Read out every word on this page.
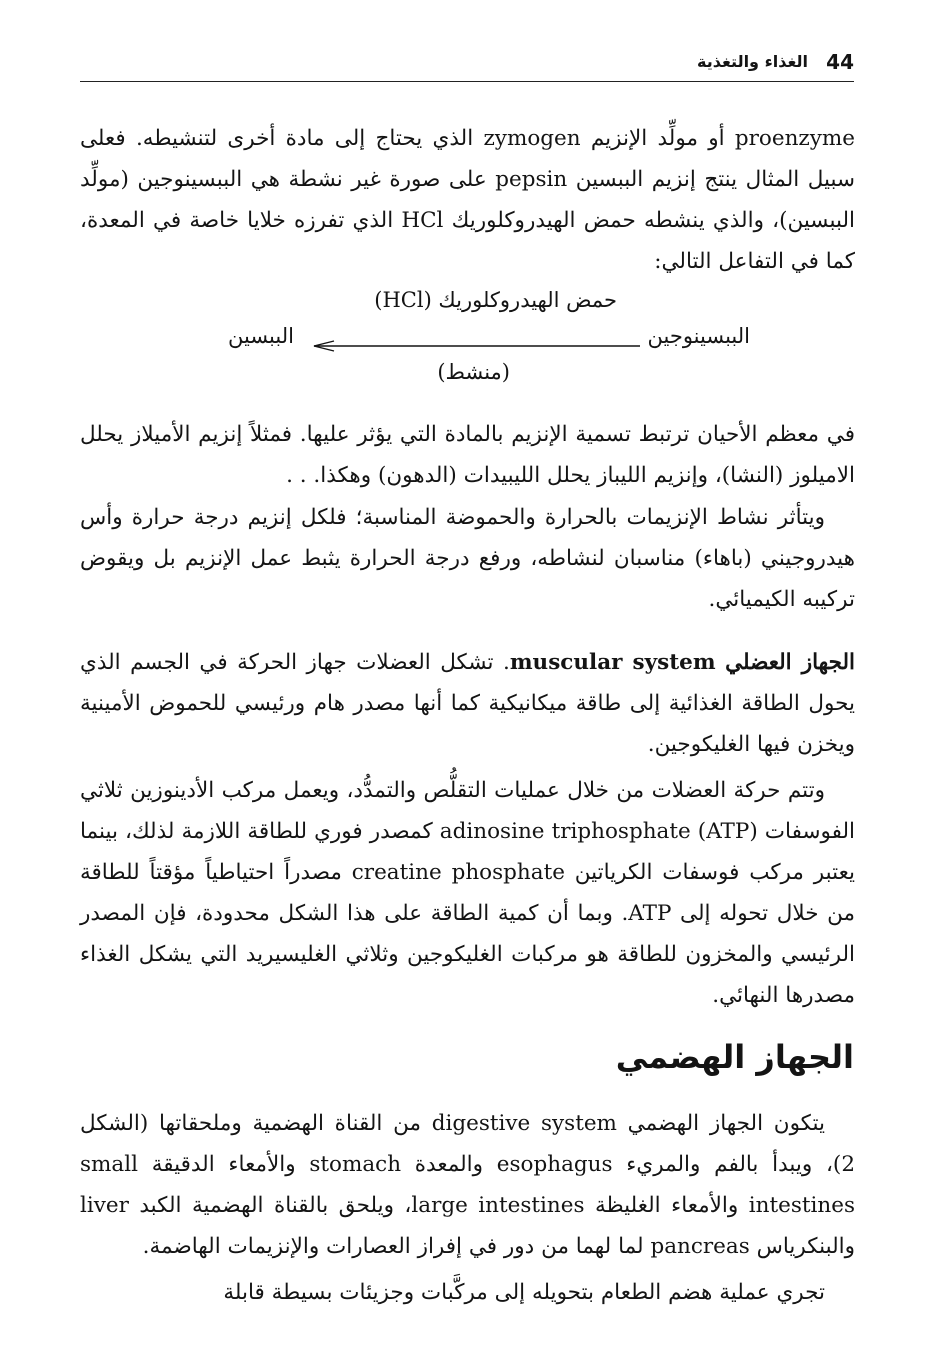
44
الغذاء والتغذية

proenzyme أو مولِّد الإنزيم zymogen الذي يحتاج إلى مادة أخرى لتنشيطه. فعلى سبيل المثال ينتج إنزيم الببسين pepsin على صورة غير نشطة هي الببسينوجين (مولِّد الببسين)، والذي ينشطه حمض الهيدروكلوريك HCl الذي تفرزه خلايا خاصة في المعدة، كما في التفاعل التالي:

حمض الهيدروكلوريك (HCl)
الببسينوجين
الببسين
(منشط)

في معظم الأحيان ترتبط تسمية الإنزيم بالمادة التي يؤثر عليها. فمثلاً إنزيم الأميلاز يحلل الاميلوز (النشا)، وإنزيم الليباز يحلل الليبيدات (الدهون) وهكذا. . .

ويتأثر نشاط الإنزيمات بالحرارة والحموضة المناسبة؛ فلكل إنزيم درجة حرارة وأس هيدروجيني (باهاء) مناسبان لنشاطه، ورفع درجة الحرارة يثبط عمل الإنزيم بل ويقوض تركيبه الكيميائي.

الجهاز العضلي muscular system. تشكل العضلات جهاز الحركة في الجسم الذي يحول الطاقة الغذائية إلى طاقة ميكانيكية كما أنها مصدر هام ورئيسي للحموض الأمينية ويخزن فيها الغليكوجين.

وتتم حركة العضلات من خلال عمليات التقلُّص والتمدُّد، ويعمل مركب الأدينوزين ثلاثي الفوسفات adinosine triphosphate (ATP) كمصدر فوري للطاقة اللازمة لذلك، بينما يعتبر مركب فوسفات الكرياتين creatine phosphate مصدراً احتياطياً مؤقتاً للطاقة من خلال تحوله إلى ATP. وبما أن كمية الطاقة على هذا الشكل محدودة، فإن المصدر الرئيسي والمخزون للطاقة هو مركبات الغليكوجين وثلاثي الغليسيريد التي يشكل الغذاء مصدرها النهائي.

الجهاز الهضمي

يتكون الجهاز الهضمي digestive system من القناة الهضمية وملحقاتها (الشكل 2)، ويبدأ بالفم والمريء esophagus والمعدة stomach والأمعاء الدقيقة small intestines والأمعاء الغليظة large intestines، ويلحق بالقناة الهضمية الكبد liver والبنكرياس pancreas لما لهما من دور في إفراز العصارات والإنزيمات الهاضمة.

تجري عملية هضم الطعام بتحويله إلى مركَّبات وجزيئات بسيطة قابلة
